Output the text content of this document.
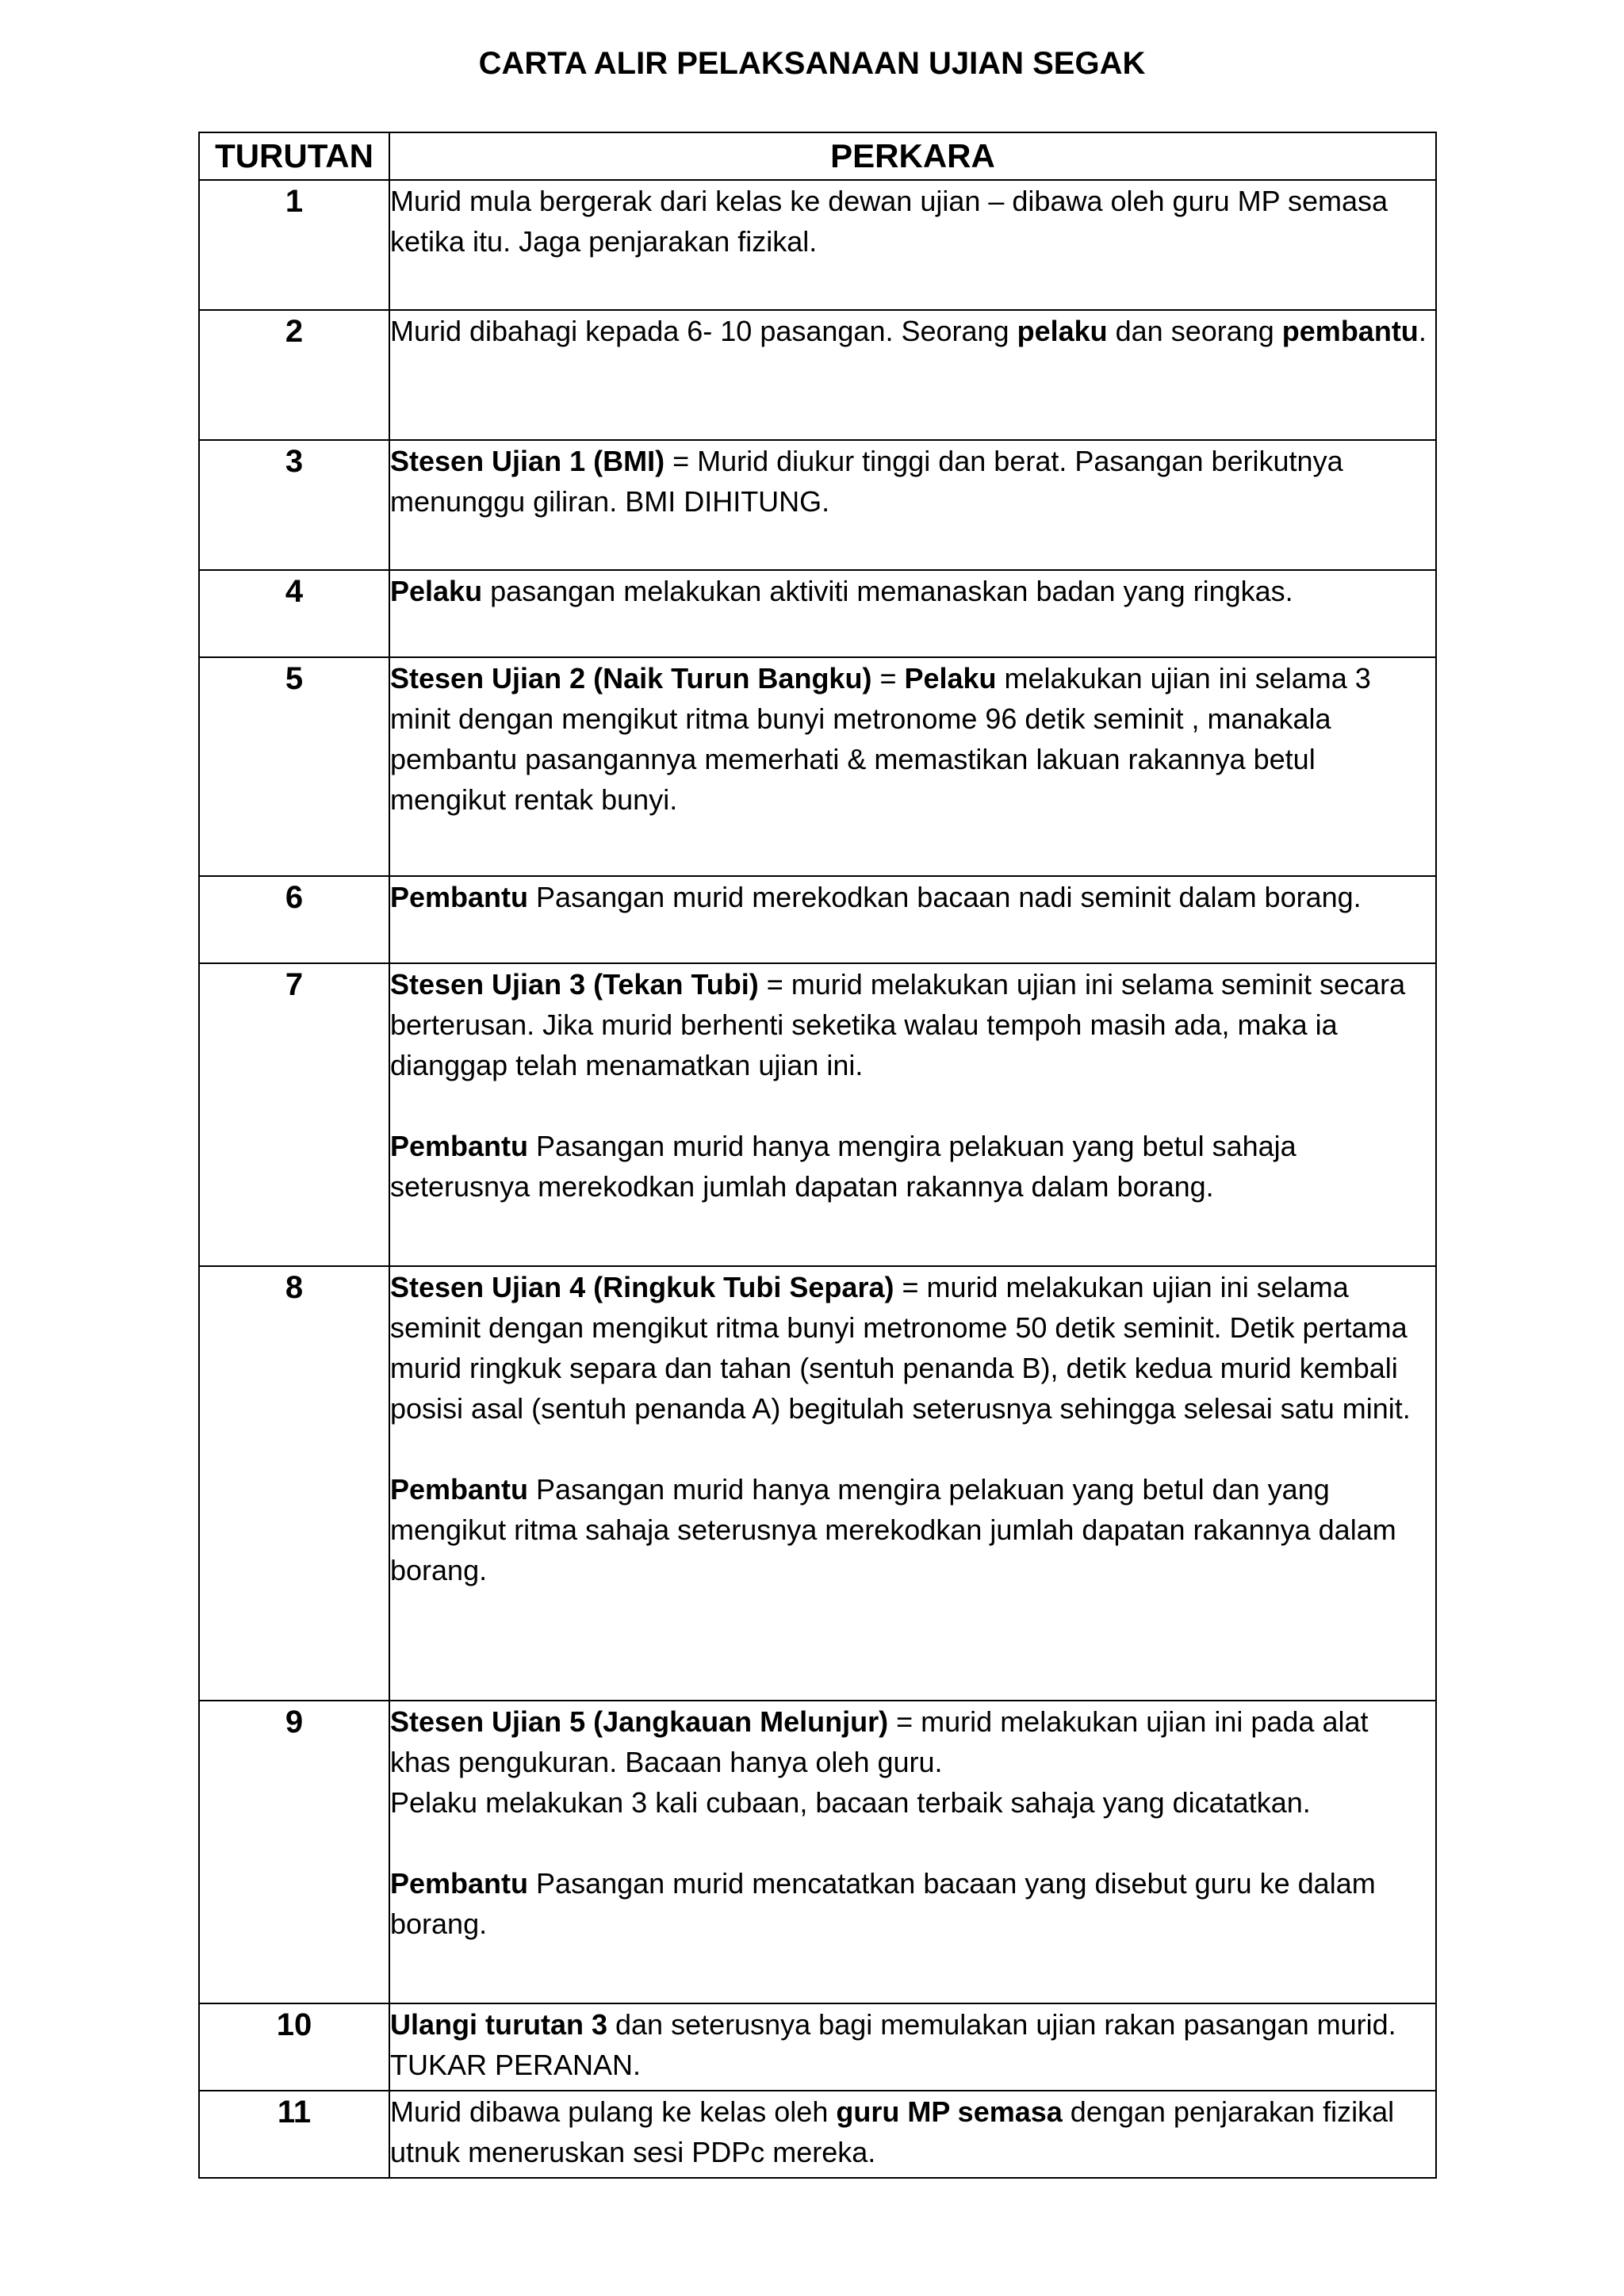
CARTA ALIR PELAKSANAAN UJIAN SEGAK
TURUTAN	PERKARA
1	Murid mula bergerak dari kelas ke dewan ujian – dibawa oleh guru MP semasa ketika itu. Jaga penjarakan fizikal.

2	Murid dibahagi kepada 6- 10 pasangan. Seorang pelaku dan seorang pembantu.

3	Stesen Ujian 1 (BMI) = Murid diukur tinggi dan berat. Pasangan berikutnya menunggu giliran. BMI DIHITUNG.

4	Pelaku pasangan melakukan aktiviti memanaskan badan yang ringkas.

5	Stesen Ujian 2 (Naik Turun Bangku) = Pelaku melakukan ujian ini selama 3 minit dengan mengikut ritma bunyi metronome 96 detik seminit , manakala pembantu pasangannya memerhati & memastikan lakuan rakannya betul mengikut rentak bunyi.

6	Pembantu Pasangan murid merekodkan bacaan nadi seminit dalam borang.

7	Stesen Ujian 3 (Tekan Tubi) = murid melakukan ujian ini selama seminit secara berterusan. Jika murid berhenti seketika walau tempoh masih ada, maka ia dianggap telah menamatkan ujian ini.
Pembantu Pasangan murid hanya mengira pelakuan yang betul sahaja seterusnya merekodkan jumlah dapatan rakannya dalam borang.

8	Stesen Ujian 4 (Ringkuk Tubi Separa) = murid melakukan ujian ini selama seminit dengan mengikut ritma bunyi metronome 50 detik seminit. Detik pertama murid ringkuk separa dan tahan (sentuh penanda B), detik kedua murid kembali posisi asal (sentuh penanda A) begitulah seterusnya sehingga selesai satu minit.
Pembantu Pasangan murid hanya mengira pelakuan yang betul dan yang mengikut ritma sahaja seterusnya merekodkan jumlah dapatan rakannya dalam borang.

9	Stesen Ujian 5 (Jangkauan Melunjur) = murid melakukan ujian ini pada alat khas pengukuran. Bacaan hanya oleh guru.
Pelaku melakukan 3 kali cubaan, bacaan terbaik sahaja yang dicatatkan.
Pembantu Pasangan murid mencatatkan bacaan yang disebut guru ke dalam borang.

10	Ulangi turutan 3 dan seterusnya bagi memulakan ujian rakan pasangan murid. TUKAR PERANAN.

11	Murid dibawa pulang ke kelas oleh guru MP semasa dengan penjarakan fizikal utnuk meneruskan sesi PDPc mereka.
